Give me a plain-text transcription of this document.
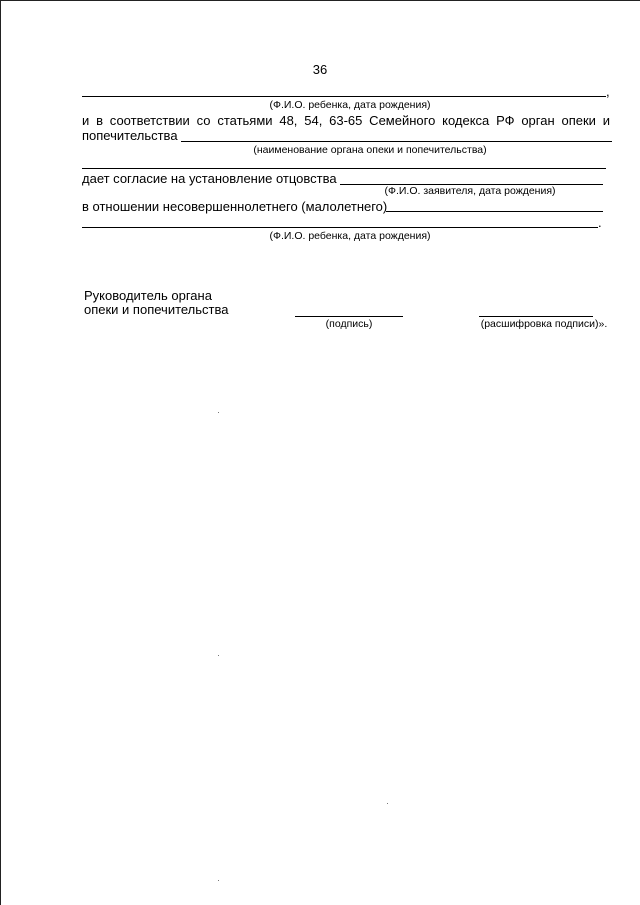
36
,
(Ф.И.О. ребенка, дата рождения)
и в соответствии со статьями 48, 54, 63-65 Семейного кодекса РФ орган опеки и
попечительства
(наименование органа опеки и попечительства)
дает согласие на установление отцовства
(Ф.И.О. заявителя, дата рождения)
в отношении несовершеннолетнего (малолетнего)
.
(Ф.И.О. ребенка, дата рождения)
Руководитель органа
опеки и попечительства
(подпись)	(расшифровка подписи)».
